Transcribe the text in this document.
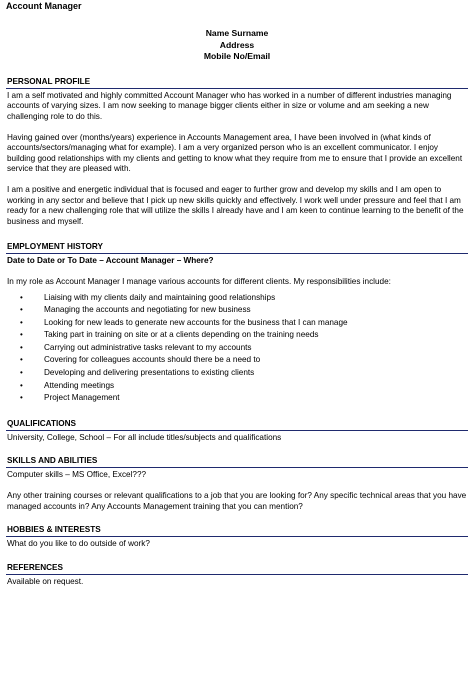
Account Manager
Name Surname
Address
Mobile No/Email
PERSONAL PROFILE

I am a self motivated and highly committed Account Manager who has worked in a number of different industries managing accounts of varying sizes. I am now seeking to manage bigger clients either in size or volume and am seeking a new challenging role to do this.

Having gained over (months/years) experience in Accounts Management area, I have been involved in (what kinds of accounts/sectors/managing what for example). I am a very organized person who is an excellent communicator. I enjoy building good relationships with my clients and getting to know what they require from me to ensure that I provide an excellent service that they are pleased with.

I am a positive and energetic individual that is focused and eager to further grow and develop my skills and I am open to working in any sector and believe that I pick up new skills quickly and effectively. I work well under pressure and feel that I am ready for a new challenging role that will utilize the skills I already have and I am keen to continue learning to the benefit of the business and myself.

EMPLOYMENT HISTORY

Date to Date or To Date – Account Manager – Where?

In my role as Account Manager I manage various accounts for different clients. My responsibilities include:

•	Liaising with my clients daily and maintaining good relationships
•	Managing the accounts and negotiating for new business
•	Looking for new leads to generate new accounts for the business that I can manage
•	Taking part in training on site or at a clients depending on the training needs
•	Carrying out administrative tasks relevant to my accounts
•	Covering for colleagues accounts should there be a need to
•	Developing and delivering presentations to existing clients
•	Attending meetings
•	Project Management
QUALIFICATIONS

University, College, School – For all include titles/subjects and qualifications

SKILLS AND ABILITIES

Computer skills – MS Office, Excel???

Any other training courses or relevant qualifications to a job that you are looking for? Any specific technical areas that you have managed accounts in? Any Accounts Management training that you can mention?

HOBBIES & INTERESTS

What do you like to do outside of work?

REFERENCES

Available on request.
